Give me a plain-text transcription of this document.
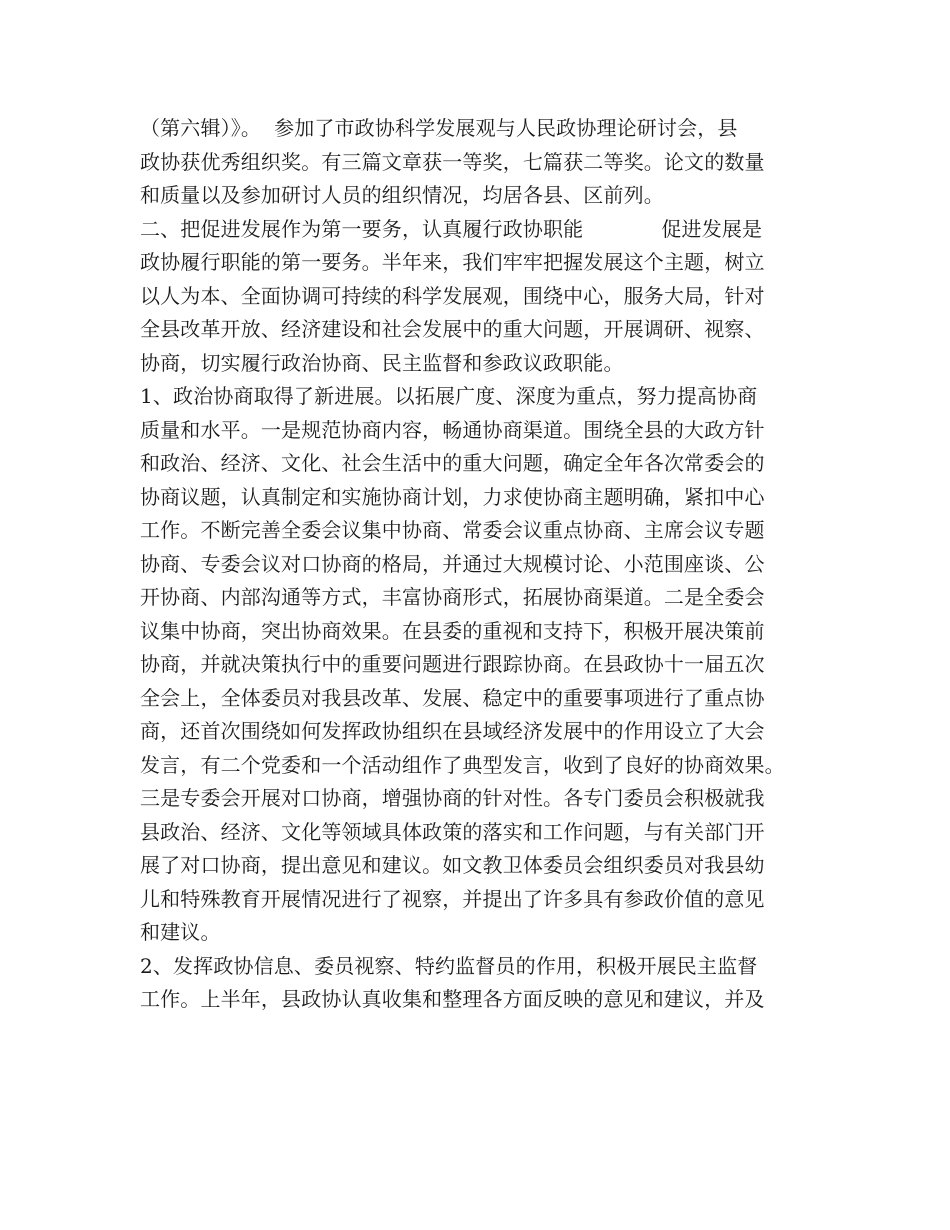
（第六辑）》。  参加了市政协科学发展观与人民政协理论研讨会，县
政协获优秀组织奖。有三篇文章获一等奖，七篇获二等奖。论文的数量
和质量以及参加研讨人员的组织情况，均居各县、区前列。
二、把促进发展作为第一要务，认真履行政协职能            促进发展是
政协履行职能的第一要务。半年来，我们牢牢把握发展这个主题，树立
以人为本、全面协调可持续的科学发展观，围绕中心，服务大局，针对
全县改革开放、经济建设和社会发展中的重大问题，开展调研、视察、
协商，切实履行政治协商、民主监督和参政议政职能。
1、政治协商取得了新进展。以拓展广度、深度为重点，努力提高协商
质量和水平。一是规范协商内容，畅通协商渠道。围绕全县的大政方针
和政治、经济、文化、社会生活中的重大问题，确定全年各次常委会的
协商议题，认真制定和实施协商计划，力求使协商主题明确，紧扣中心
工作。不断完善全委会议集中协商、常委会议重点协商、主席会议专题
协商、专委会议对口协商的格局，并通过大规模讨论、小范围座谈、公
开协商、内部沟通等方式，丰富协商形式，拓展协商渠道。二是全委会
议集中协商，突出协商效果。在县委的重视和支持下，积极开展决策前
协商，并就决策执行中的重要问题进行跟踪协商。在县政协十一届五次
全会上，全体委员对我县改革、发展、稳定中的重要事项进行了重点协
商，还首次围绕如何发挥政协组织在县域经济发展中的作用设立了大会
发言，有二个党委和一个活动组作了典型发言，收到了良好的协商效果。
三是专委会开展对口协商，增强协商的针对性。各专门委员会积极就我
县政治、经济、文化等领域具体政策的落实和工作问题，与有关部门开
展了对口协商，提出意见和建议。如文教卫体委员会组织委员对我县幼
儿和特殊教育开展情况进行了视察，并提出了许多具有参政价值的意见
和建议。
2、发挥政协信息、委员视察、特约监督员的作用，积极开展民主监督
工作。上半年，县政协认真收集和整理各方面反映的意见和建议，并及
